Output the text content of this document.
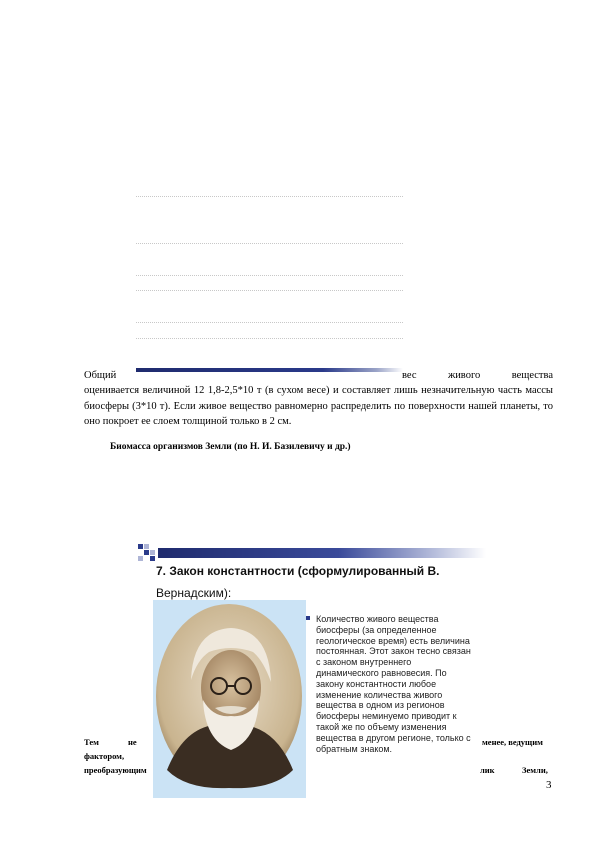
Общий	вес	живого	вещества
оценивается величиной 12 1,8-2,5*10 т (в сухом весе) и составляет лишь незначительную часть массы биосферы (3*10 т). Если живое вещество равномерно распределить по поверхности нашей планеты, то оно покроет ее слоем толщиной только в 2 см.
Биомасса организмов Земли (по Н. И. Базилевичу и др.)
7. Закон константности (сформулированный В.
Вернадским):
Количество живого вещества биосферы (за определенное геологическое время) есть величина постоянная. Этот закон тесно связан с законом внутреннего динамического равновесия. По закону константности любое изменение количества живого вещества в одном из регионов биосферы неминуемо приводит к такой же по объему изменения вещества в другом регионе, только с обратным знаком.
Тем	не	менее, ведущим
фактором,
преобразующим	лик	Земли,
3
